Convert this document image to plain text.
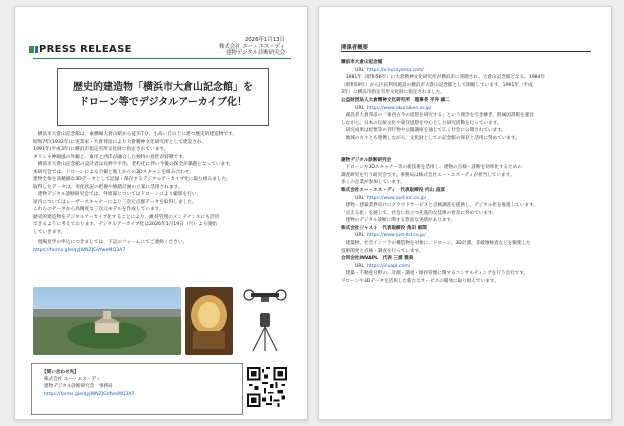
2026年1月13日
株式会社 エー・エス・ディ
建物デジタル診断研究会
PRESS RELEASE
歴史的建造物「横浜市大倉山記念館」を
ドローン等でデジタルアーカイブ化！

　横浜市大倉山記念館は、東横線大倉山駅から徒歩7分、小高い丘の上に建つ歴史的建造物です。

昭和7年(1932年)に実業家・大倉邦彦により大倉精神文化研究所として建設され、

1991年(平成3年)に横浜市指定有形文化財に指定されています。

ギリシャ神殿風の外観と、東洋と西洋が融合した独特の意匠が特徴です。

　横浜市大倉山記念館の設計者は長野宇平治、老朽化に伴い今後の保全が課題となっています。

本研究会では、ドローンによる空撮と地上からの3Dスキャンを組み合わせ、

建物全体を高精細な3Dデータとして記録・保存するデジタルアーカイブ化に取り組みました。

取得したデータは、劣化状況の把握や修繕計画の立案に活用されます。

　建物デジタル診断研究会では、外周部についてはドローンにより撮影を行い、

屋内についてはレーザースキャナーにより三次元点群データを取得しました。

これらのデータから高精度な三次元モデルを作成しています。

歴史的建造物をデジタルアーカイブ化することにより、維持管理のメンテナンスにも活用

できるように考えております。デジタルアーカイブ化は2026年1月19日（月）より開始

していきます。

　現場見学の申込につきましては、下記のフォームにてご連絡ください。

https://forms.gle/qyJWNZJGVfweMQ3A7

【問い合わせ先】
株式会社 エー・エス・ディ
建物デジタル診断研究会　事務局
https://forms.gle/qyJWNZJGVfweMQ3A7
関係者概要

横浜市大倉山記念館

URL https://o-kurayama.com/

　1981年（昭和56年）に大倉精神文化研究所が横浜市に寄贈され、大倉山記念館となる。1984年

（昭和59年）から区民利用施設の横浜市大倉山記念館として開館しています。1991年（平成

3年）に横浜市指定有形文化財に指定されました。

公益財団法人大倉精神文化研究所　理事長 平井 誠二

URL https://www.okuraiken.or.jp/

　創設者大倉邦彦の「東西古今の思想を研究する」という理念を引き継ぎ、附属図書館を運営

しながら、日本の伝統文化や東洋思想を中心とした研究活動を行っています。

　研究成果は紀要等の刊行物や公開講座を通じて広く社会に公開されています。

　地域の方々とも連携しながら、文化財としての記念館の保存と活用に努めています。

建物デジタル診断研究会

　ドローンや3Dスキャナー等の新技術を活用し、建物の点検・診断を効率化するための

調査研究を行う研究会です。事務局は株式会社エー・エス・ディが担当しています。

多くの企業が参加しています。

株式会社エー・エス・ディ　代表取締役 内山 昌彦

URL https://www.asd-inc.co.jp/

　建物・建築業界向けにクラウドサービスと点検調査を提供し、デジタル化を推進しています。

「見える化」を通じて、社会に役立つ先進的な技術の普及に努めています。

　建物のデジタル診断に関する豊富な実績があります。

株式会社ジャスト　代表取締役 角田 部間

URL https://www.just-ltd.co.jp/

　建築物、社会インフラの構造物を対象に、ドローン、3D計測、非破壊検査などを駆使した

技術開発と点検・調査を行っています。

合同会社INVAPL　代表 三浦 雅美

URL https://invapl.com/

　建築・不動産分野の、計測・調査・維持管理に関するコンサルティングを行う会社です。

ドローンや3Dデータを活用した新たなサービスの開発に取り組んでいます。
